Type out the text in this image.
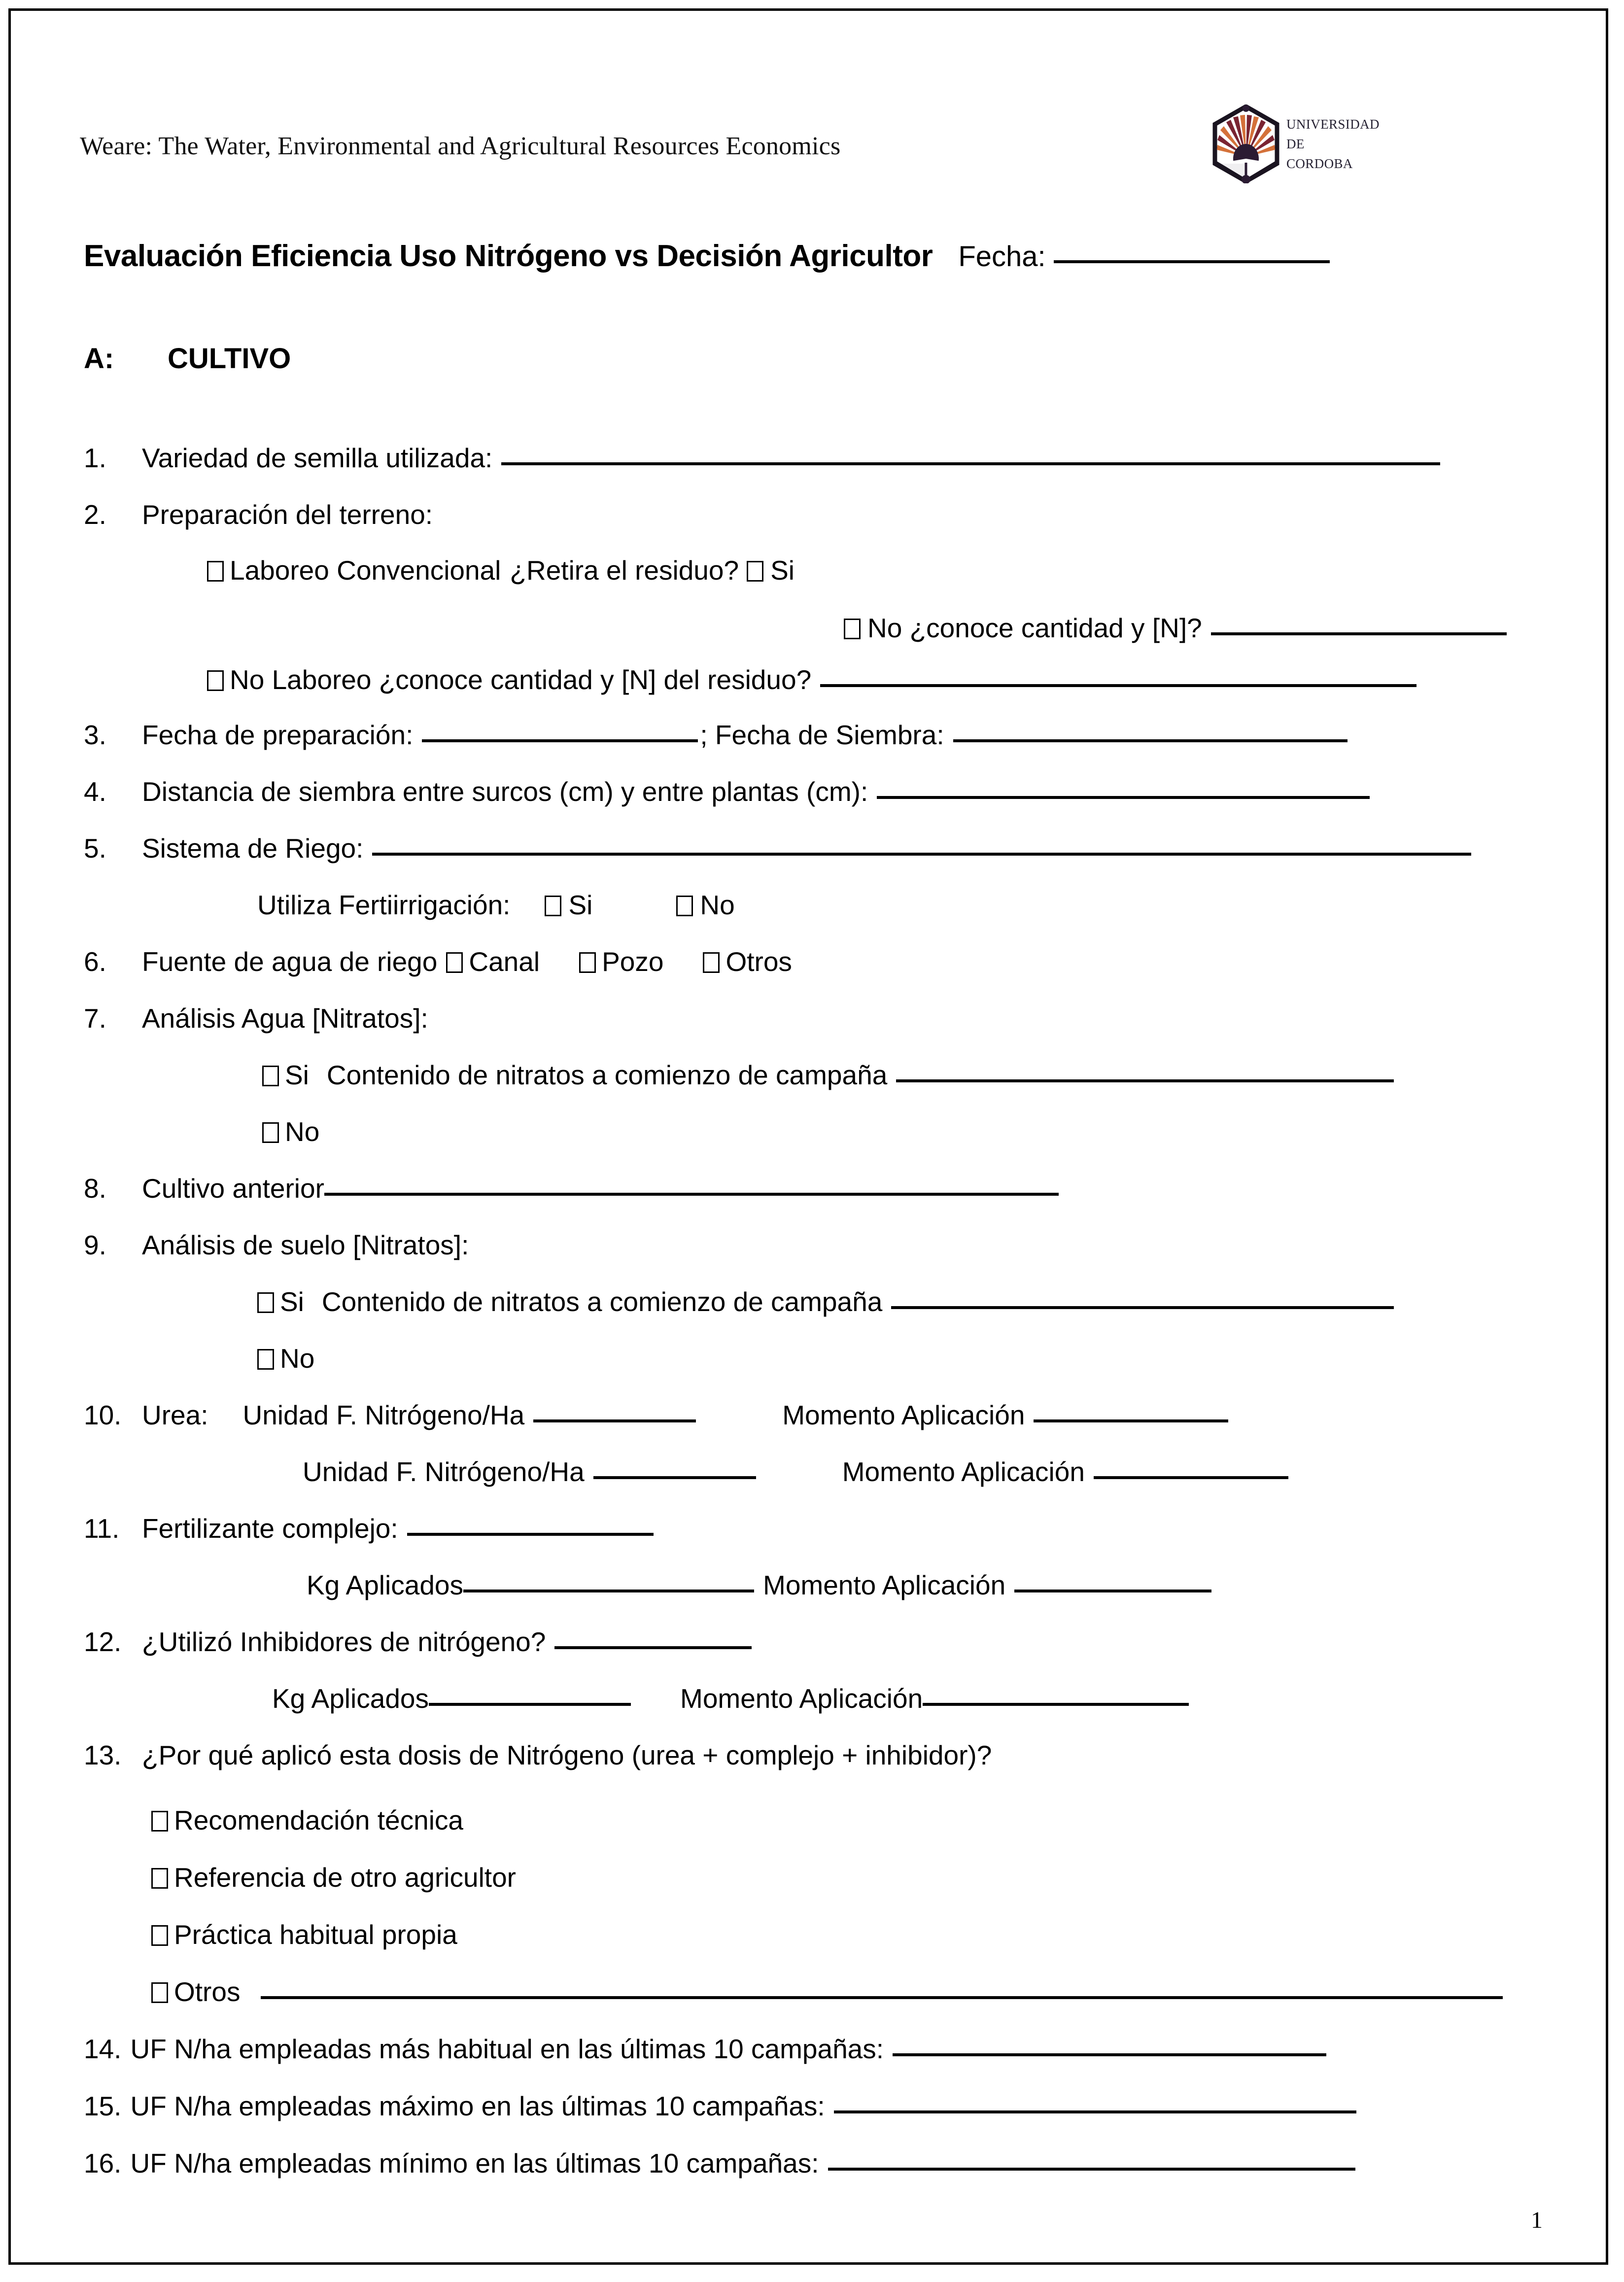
Weare: The Water, Environmental and Agricultural Resources Economics
UNIVERSIDAD
DE
CORDOBA
Evaluación Eficiencia Uso Nitrógeno vs Decisión Agricultor Fecha:
A: CULTIVO
1. Variedad de semilla utilizada:
2. Preparación del terreno:
Laboreo Convencional ¿Retira el residuo? Si
No ¿conoce cantidad y [N]?
No Laboreo ¿conoce cantidad y [N] del residuo?
3. Fecha de preparación:	; Fecha de Siembra:
4. Distancia de siembra entre surcos (cm) y entre plantas (cm):
5. Sistema de Riego:
Utiliza Fertiirrigación: Si	No
6. Fuente de agua de riego Canal Pozo Otros
7. Análisis Agua [Nitratos]:
Si Contenido de nitratos a comienzo de campaña
No
8. Cultivo anterior
9. Análisis de suelo [Nitratos]:
Si Contenido de nitratos a comienzo de campaña
No
10. Urea: Unidad F. Nitrógeno/Ha	Momento Aplicación
Unidad F. Nitrógeno/Ha	Momento Aplicación
11. Fertilizante complejo:
Kg Aplicados	Momento Aplicación
12. ¿Utilizó Inhibidores de nitrógeno?
Kg Aplicados	Momento Aplicación
13. ¿Por qué aplicó esta dosis de Nitrógeno (urea + complejo + inhibidor)?
Recomendación técnica
Referencia de otro agricultor
Práctica habitual propia
Otros
14. UF N/ha empleadas más habitual en las últimas 10 campañas:
15. UF N/ha empleadas máximo en las últimas 10 campañas:
16. UF N/ha empleadas mínimo en las últimas 10 campañas:
1
